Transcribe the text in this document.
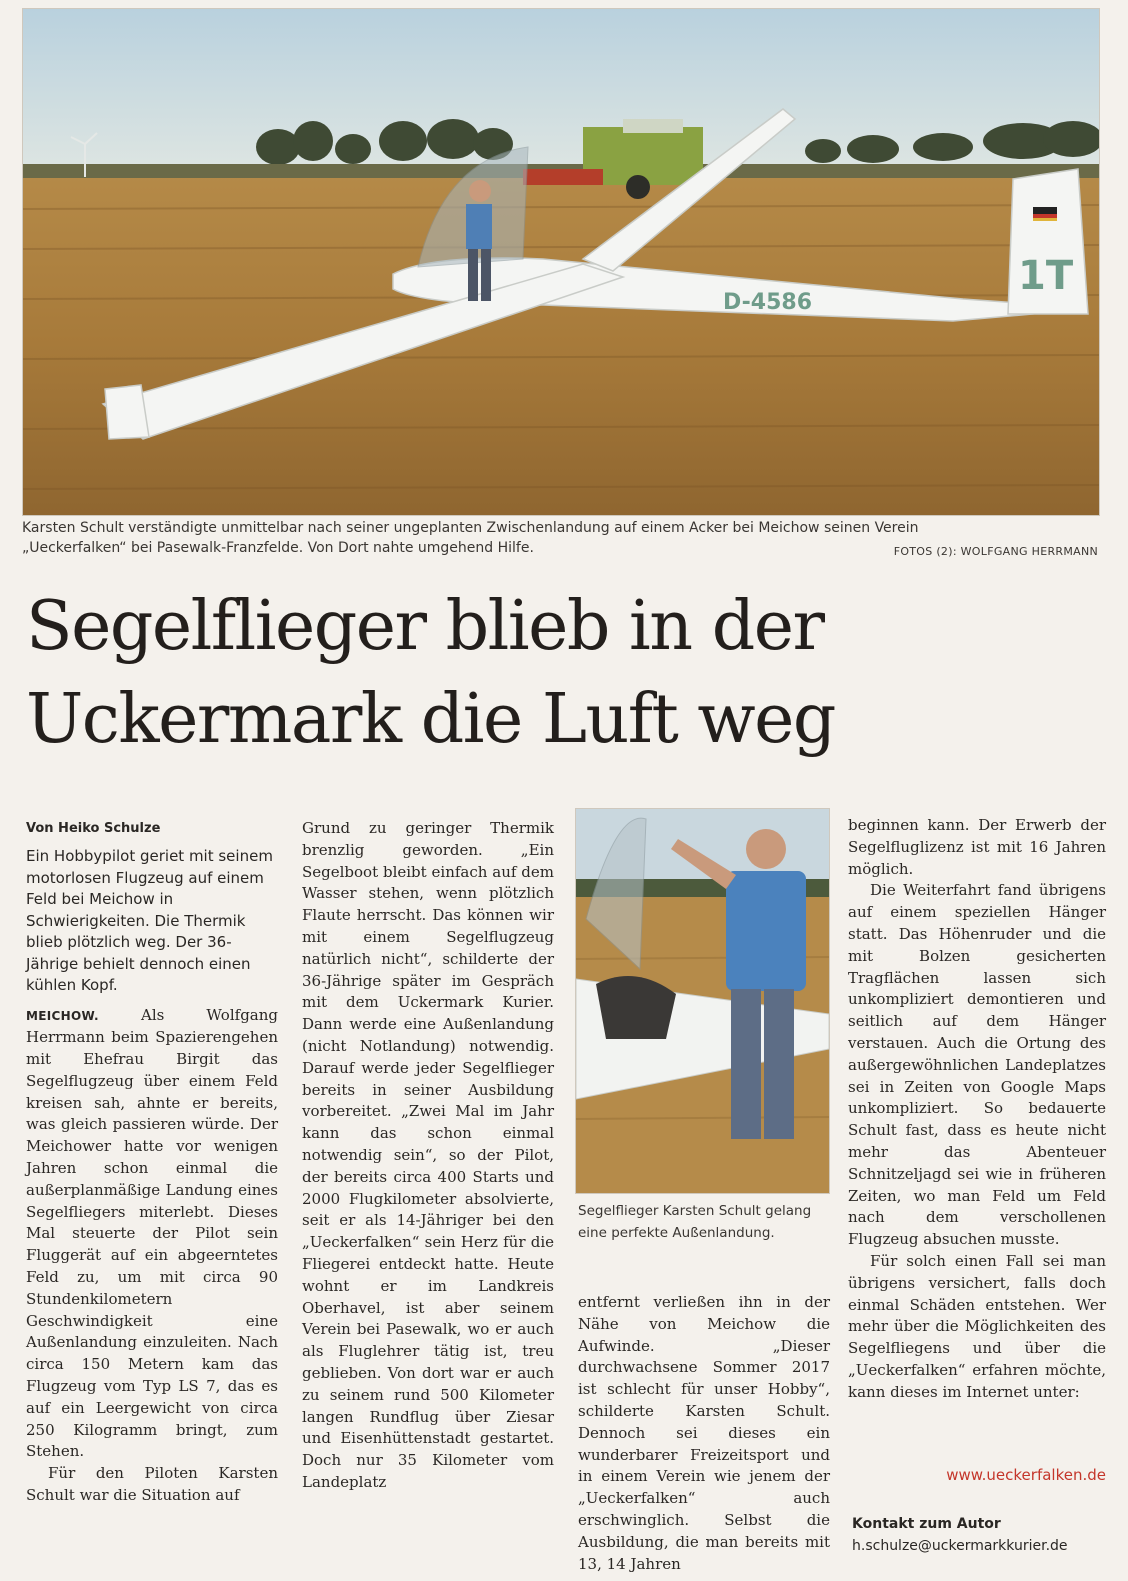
1T
D-4586
Karsten Schult verständigte unmittelbar nach seiner ungeplanten Zwischenlandung auf einem Acker bei Meichow seinen Verein
„Ueckerfalken“ bei Pasewalk-Franzfelde. Von Dort nahte umgehend Hilfe.	FOTOS (2): WOLFGANG HERRMANN
Segelflieger blieb in der
Uckermark die Luft weg

Von Heiko Schulze

Ein Hobbypilot geriet mit seinem motorlosen Flugzeug auf einem Feld bei Meichow in Schwierigkeiten. Die Thermik blieb plötzlich weg. Der 36-Jährige behielt dennoch einen kühlen Kopf.

MEICHOW.	Als Wolfgang Herrmann beim Spazierengehen mit Ehefrau Birgit das Segelflugzeug über einem Feld kreisen sah, ahnte er bereits, was gleich passieren würde. Der Meichower hatte vor wenigen Jahren schon einmal die außerplanmäßige Landung eines Segelfliegers miterlebt. Dieses Mal steuerte der Pilot sein Fluggerät auf ein abgeerntetes Feld zu, um mit circa 90 Stundenkilometern Geschwindigkeit eine Außenlandung einzuleiten. Nach circa 150 Metern kam das Flugzeug vom Typ LS 7, das es auf ein Leergewicht von circa 250 Kilogramm bringt, zum Stehen.

Für den Piloten Karsten Schult war die Situation auf

Grund zu geringer Thermik brenzlig geworden. „Ein Segelboot bleibt einfach auf dem Wasser stehen, wenn plötzlich Flaute herrscht. Das können wir mit einem Segelflugzeug natürlich nicht“, schilderte der 36-Jährige später im Gespräch mit dem Uckermark Kurier. Dann werde eine Außenlandung (nicht Notlandung) notwendig. Darauf werde jeder Segelflieger bereits in seiner Ausbildung vorbereitet. „Zwei Mal im Jahr kann das schon einmal notwendig sein“, so der Pilot, der bereits circa 400 Starts und 2000 Flugkilometer absolvierte, seit er als 14-Jähriger bei den „Ueckerfalken“ sein Herz für die Fliegerei entdeckt hatte. Heute wohnt er im Landkreis Oberhavel, ist aber seinem Verein bei Pasewalk, wo er auch als Fluglehrer tätig ist, treu geblieben. Von dort war er auch zu seinem rund 500 Kilometer langen Rundflug über Ziesar und Eisenhüttenstadt gestartet. Doch nur 35 Kilometer vom Landeplatz

Segelflieger Karsten Schult gelang eine perfekte Außenlandung.

entfernt verließen ihn in der Nähe von Meichow die Aufwinde. „Dieser durchwachsene Sommer 2017 ist schlecht für unser Hobby“, schilderte Karsten Schult. Dennoch sei dieses ein wunderbarer Freizeitsport und in einem Verein wie jenem der „Ueckerfalken“ auch erschwinglich. Selbst die Ausbildung, die man bereits mit 13, 14 Jahren

beginnen kann. Der Erwerb der Segelfluglizenz ist mit 16 Jahren möglich.

Die Weiterfahrt fand übrigens auf einem speziellen Hänger statt. Das Höhenruder und die mit Bolzen gesicherten Tragflächen lassen sich unkompliziert demontieren und seitlich auf dem Hänger verstauen. Auch die Ortung des außergewöhnlichen Landeplatzes sei in Zeiten von Google Maps unkompliziert. So bedauerte Schult fast, dass es heute nicht mehr das Abenteuer Schnitzeljagd sei wie in früheren Zeiten, wo man Feld um Feld nach dem verschollenen Flugzeug absuchen musste.

Für solch einen Fall sei man übrigens versichert, falls doch einmal Schäden entstehen. Wer mehr über die Möglichkeiten des Segelfliegens und über die „Ueckerfalken“ erfahren möchte, kann dieses im Internet unter:

www.ueckerfalken.de
Kontakt zum Autor
h.schulze@uckermarkkurier.de
